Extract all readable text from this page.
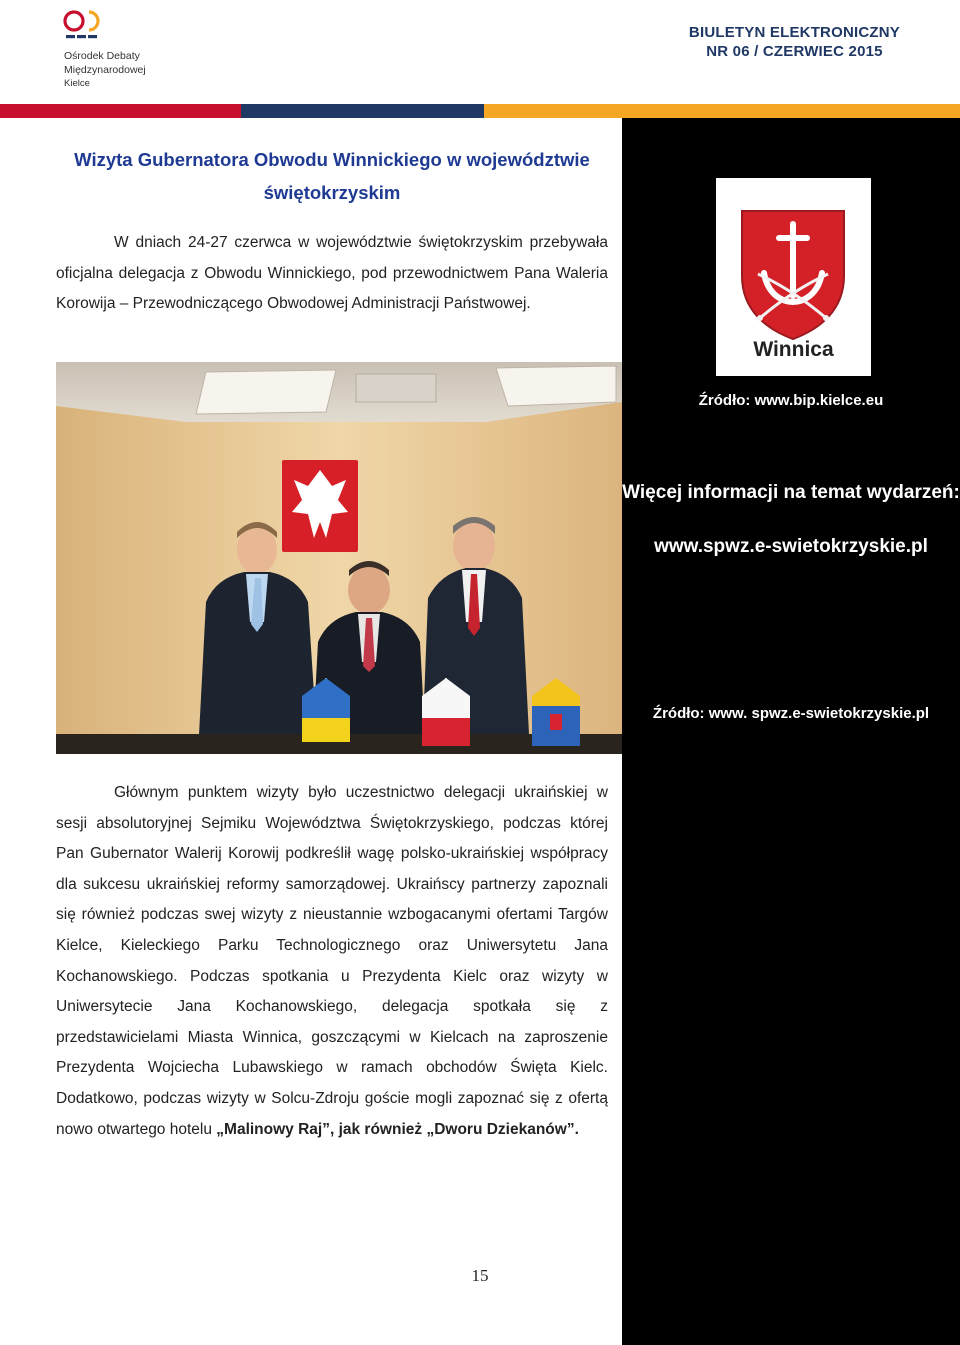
Ośrodek Debaty
Międzynarodowej
Kielce
BIULETYN ELEKTRONICZNY
NR 06 / CZERWIEC 2015
Winnica
Źródło: www.bip.kielce.eu
Więcej informacji na temat wydarzeń:
www.spwz.e-swietokrzyskie.pl
Źródło: www. spwz.e-swietokrzyskie.pl
Wizyta Gubernatora Obwodu Winnickiego w województwie
świętokrzyskim

W dniach 24-27 czerwca w województwie świętokrzyskim przebywała oficjalna delegacja z Obwodu Winnickiego, pod przewodnictwem Pana Waleria Korowija – Przewodniczącego Obwodowej Administracji Państwowej.

Głównym punktem wizyty było uczestnictwo delegacji ukraińskiej w sesji absolutoryjnej Sejmiku Województwa Świętokrzyskiego, podczas której Pan Gubernator Walerij Korowij podkreślił wagę polsko-ukraińskiej współpracy dla sukcesu ukraińskiej reformy samorządowej. Ukraińscy partnerzy zapoznali się również podczas swej wizyty z nieustannie wzbogacanymi ofertami Targów Kielce, Kieleckiego Parku Technologicznego oraz Uniwersytetu Jana Kochanowskiego. Podczas spotkania u Prezydenta Kielc oraz wizyty w Uniwersytecie Jana Kochanowskiego, delegacja spotkała się z przedstawicielami Miasta Winnica, goszczącymi w Kielcach na zaproszenie Prezydenta Wojciecha Lubawskiego w ramach obchodów Święta Kielc. Dodatkowo, podczas wizyty w Solcu-Zdroju goście mogli zapoznać się z ofertą nowo otwartego hotelu „Malinowy Raj”, jak również „Dworu Dziekanów”.

15
